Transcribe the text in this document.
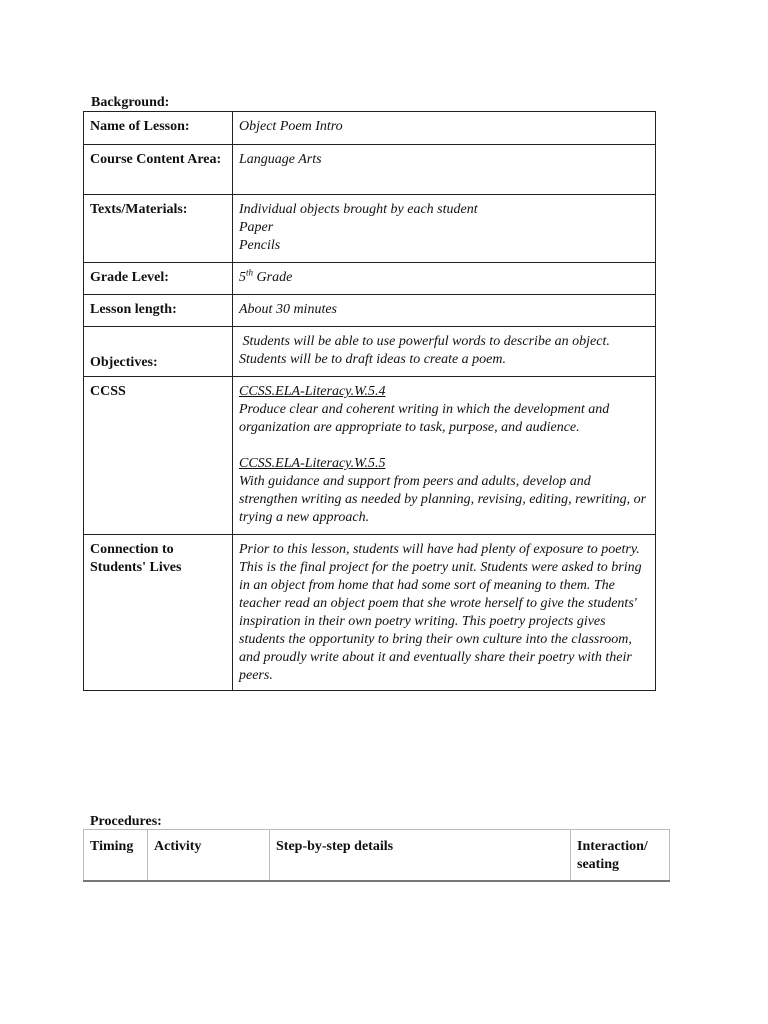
Background:
Name of Lesson:	Object Poem Intro
Course Content Area:	Language Arts
Texts/Materials:	Individual objects brought by each student
Paper
Pencils

Grade Level:	5th Grade
Lesson length:	About 30 minutes
Objectives:	Students will be able to use powerful words to describe an object.
Students will be to draft ideas to create a poem.

CCSS	CCSS.ELA-Literacy.W.5.4
Produce clear and coherent writing in which the development and organization are appropriate to task, purpose, and audience.
CCSS.ELA-Literacy.W.5.5
With guidance and support from peers and adults, develop and strengthen writing as needed by planning, revising, editing, rewriting, or trying a new approach.

Connection to Students' Lives	Prior to this lesson, students will have had plenty of exposure to poetry. This is the final project for the poetry unit. Students were asked to bring in an object from home that had some sort of meaning to them. The teacher read an object poem that she wrote herself to give the students' inspiration in their own poetry writing. This poetry projects gives students the opportunity to bring their own culture into the classroom, and proudly write about it and eventually share their poetry with their peers.
Procedures:
Timing	Activity	Step-by-step details	Interaction/ seating
